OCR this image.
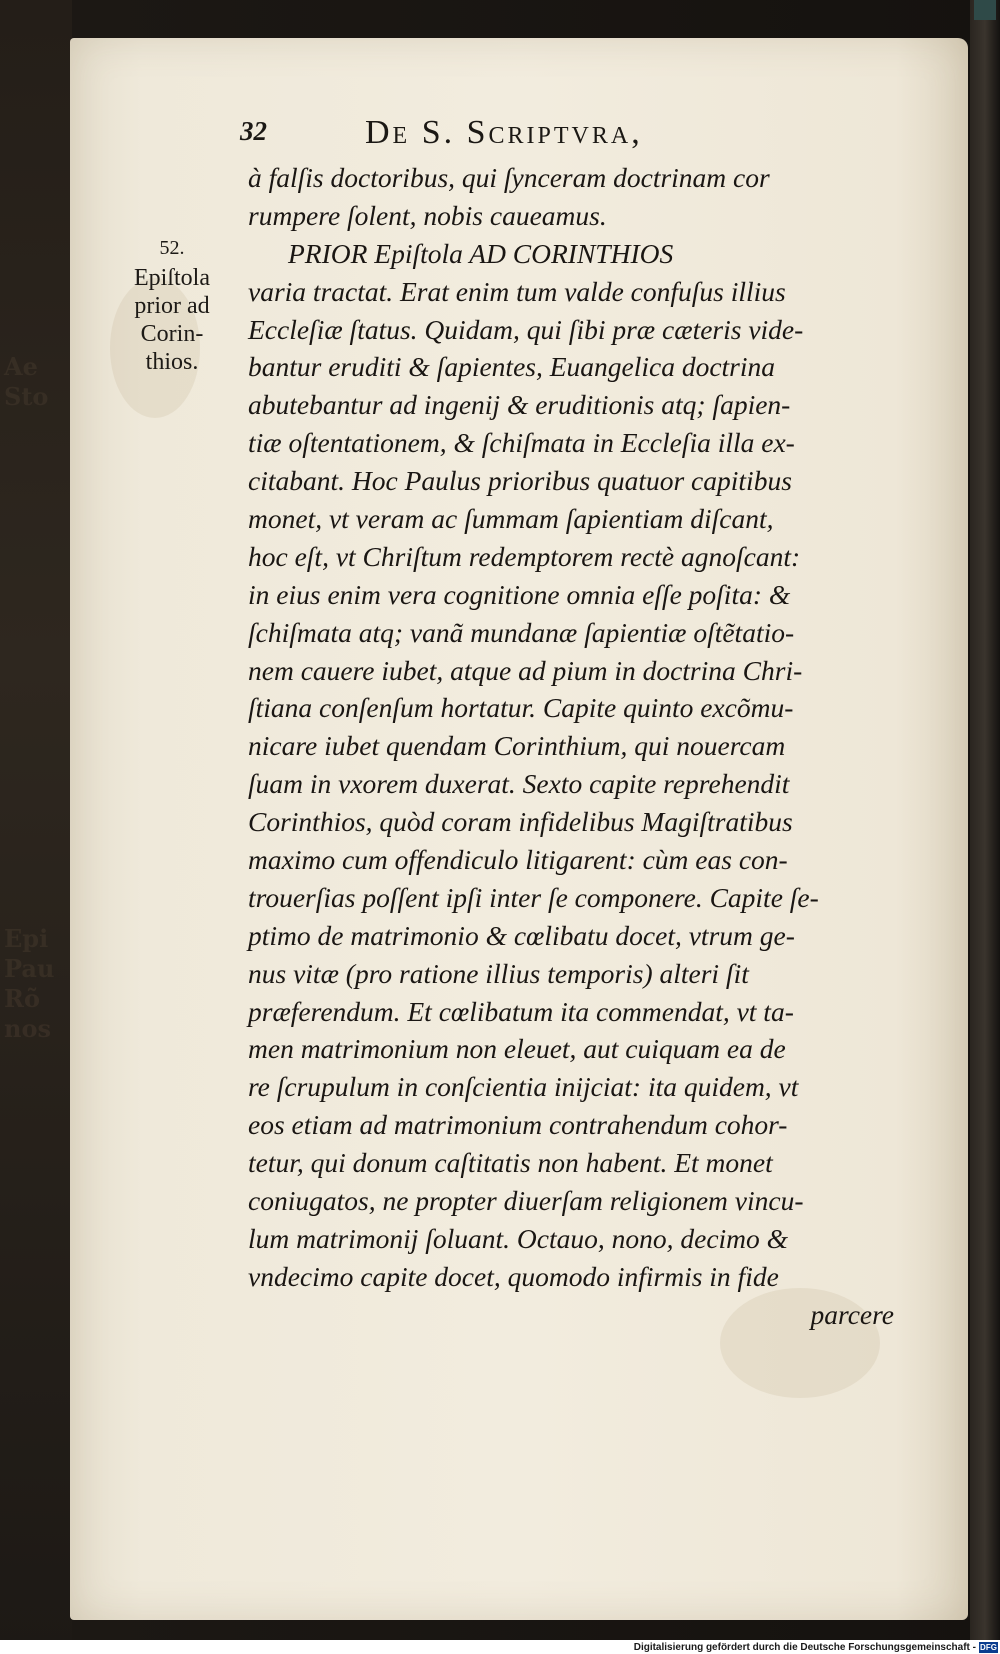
Ae
Sto
Epi
Pau
Rõ
nos
32	De S. Scriptvra,
52.
Epiſtola
prior ad
Corin-
thios.
à falſis doctoribus, qui ſynceram doctrinam cor
rumpere ſolent, nobis caueamus.
PRIOR Epiſtola AD CORINTHIOS
varia tractat. Erat enim tum valde confuſus illius
Eccleſiæ ſtatus. Quidam, qui ſibi præ cæteris vide-
bantur eruditi & ſapientes, Euangelica doctrina
abutebantur ad ingenij & eruditionis atq; ſapien-
tiæ oſtentationem, & ſchiſmata in Eccleſia illa ex-
citabant. Hoc Paulus prioribus quatuor capitibus
monet, vt veram ac ſummam ſapientiam diſcant,
hoc eſt, vt Chriſtum redemptorem rectè agnoſcant:
in eius enim vera cognitione omnia eſſe poſita: &
ſchiſmata atq; vanã mundanæ ſapientiæ oſtẽtatio-
nem cauere iubet, atque ad pium in doctrina Chri-
ſtiana conſenſum hortatur. Capite quinto excõmu-
nicare iubet quendam Corinthium, qui nouercam
ſuam in vxorem duxerat. Sexto capite reprehendit
Corinthios, quòd coram infidelibus Magiſtratibus
maximo cum offendiculo litigarent: cùm eas con-
trouerſias poſſent ipſi inter ſe componere. Capite ſe-
ptimo de matrimonio & cœlibatu docet, vtrum ge-
nus vitæ (pro ratione illius temporis) alteri ſit
præferendum. Et cœlibatum ita commendat, vt ta-
men matrimonium non eleuet, aut cuiquam ea de
re ſcrupulum in conſcientia inijciat: ita quidem, vt
eos etiam ad matrimonium contrahendum cohor-
tetur, qui donum caſtitatis non habent. Et monet
coniugatos, ne propter diuerſam religionem vincu-
lum matrimonij ſoluant. Octauo, nono, decimo &
vndecimo capite docet, quomodo infirmis in fide
parcere
Digitalisierung gefördert durch die Deutsche Forschungsgemeinschaft - DFG
